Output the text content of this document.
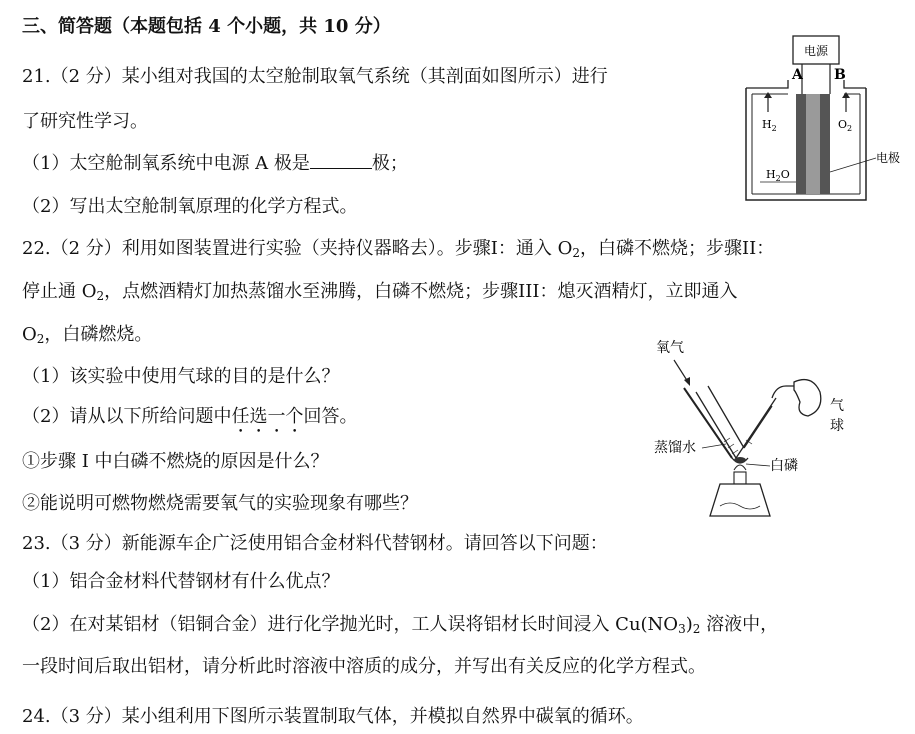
三、简答题（本题包括 4 个小题，共 10 分）
21.（2 分）某小组对我国的太空舱制取氧气系统（其剖面如图所示）进行
了研究性学习。
（1）太空舱制氧系统中电源 A 极是	极；
（2）写出太空舱制氧原理的化学方程式。
电源
A B
$H_2$	$O_2$
$H_2O$
电极
22.（2 分）利用如图装置进行实验（夹持仪器略去）。步骤I：通入 $O_2$，白磷不燃烧；步骤II：
停止通 $O_2$，点燃酒精灯加热蒸馏水至沸腾，白磷不燃烧；步骤III：熄灭酒精灯，立即通入
$O_2$，白磷燃烧。
（1）该实验中使用气球的目的是什么？
（2）请从以下所给问题中任选一个回答。
①步骤 I 中白磷不燃烧的原因是什么？
②能说明可燃物燃烧需要氧气的实验现象有哪些？
氧气
气
球
蒸馏水
白磷
23.（3 分）新能源车企广泛使用铝合金材料代替钢材。请回答以下问题：
（1）铝合金材料代替钢材有什么优点？
（2）在对某铝材（铝铜合金）进行化学抛光时，工人误将铝材长时间浸入 $Cu(NO_3)_2$ 溶液中，
一段时间后取出铝材，请分析此时溶液中溶质的成分，并写出有关反应的化学方程式。
24.（3 分）某小组利用下图所示装置制取气体，并模拟自然界中碳氧的循环。
